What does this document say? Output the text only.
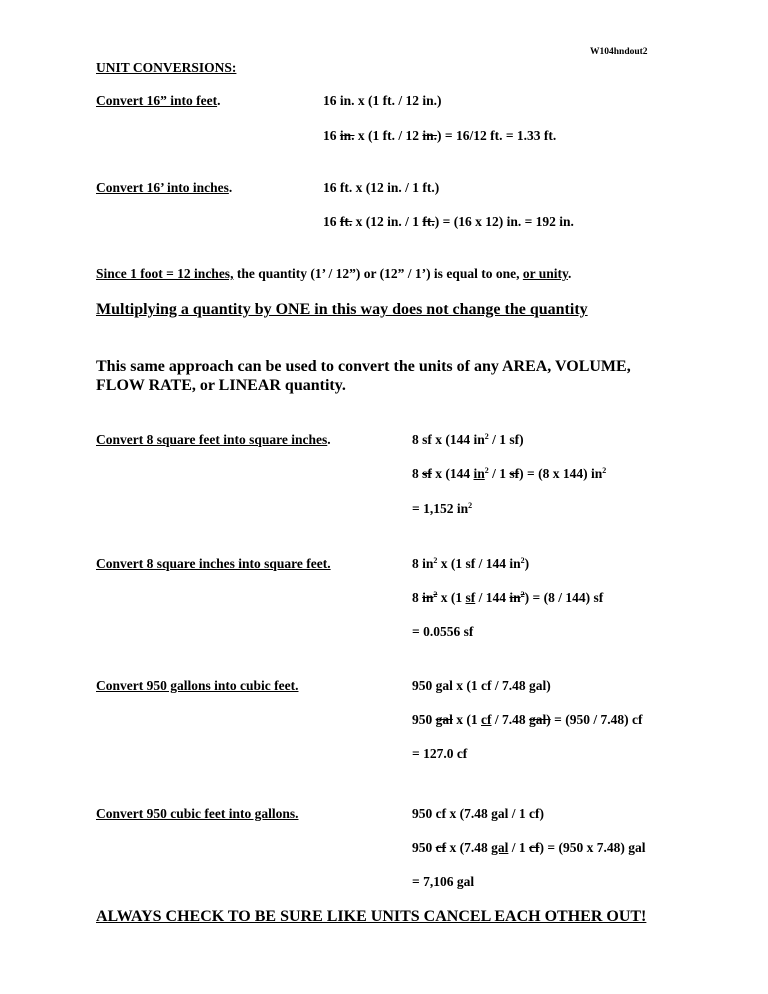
W104hndout2
UNIT CONVERSIONS:
Convert 16” into feet.	16 in. x (1 ft. / 12 in.)
16 in. x (1 ft. / 12 in.) = 16/12 ft. = 1.33 ft.
Convert 16’ into inches.	16 ft. x (12 in. / 1 ft.)
16 ft. x (12 in. / 1 ft.) = (16 x 12) in. = 192 in.
Since 1 foot = 12 inches, the quantity (1’ / 12”) or (12” / 1’) is equal to one, or unity.
Multiplying a quantity by ONE in this way does not change the quantity
This same approach can be used to convert the units of any AREA, VOLUME,
FLOW RATE, or LINEAR quantity.
Convert 8 square feet into square inches.	8 sf x (144 $in^2 / 1$ sf)
8 sf x (144 $in^2 / 1$ sf) = (8 x 144) $in^2$
= 1,152 $in^2$
Convert 8 square inches into square feet.	8 $in^2$ x (1 sf / 144 $in^2$)
8 $in^2$ x (1 sf / 144 $in^2) = (8 / 144)$ sf
= 0.0556 sf
Convert 950 gallons into cubic feet.	950 gal x (1 cf / 7.48 gal)
950 gal x (1 cf / 7.48 gal) = (950 / 7.48) cf
= 127.0 cf
Convert 950 cubic feet into gallons.	950 cf x (7.48 gal / 1 cf)
950 cf x (7.48 gal / 1 cf) = (950 x 7.48) gal
= 7,106 gal
ALWAYS CHECK TO BE SURE LIKE UNITS CANCEL EACH OTHER OUT!
